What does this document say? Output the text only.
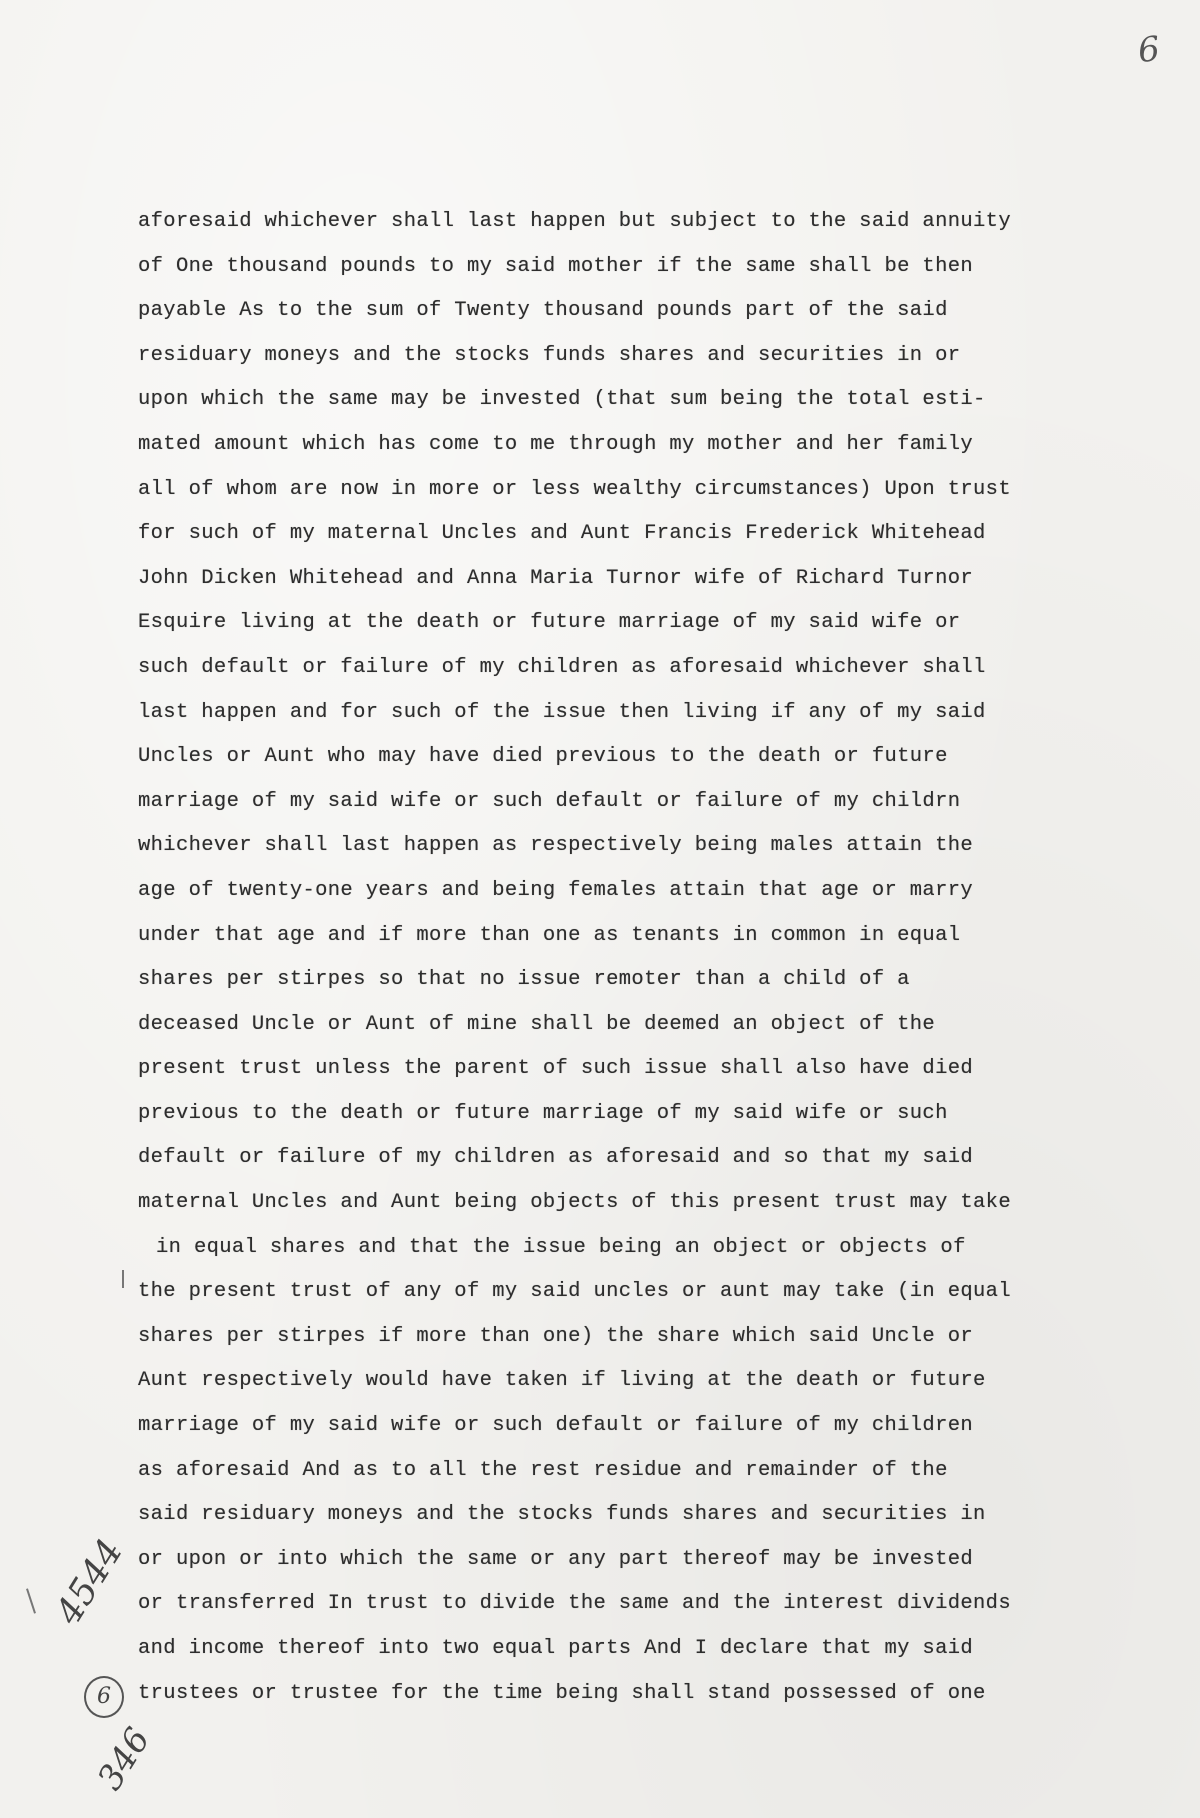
6
aforesaid whichever shall last happen but subject to the said annuity
of One thousand pounds to my said mother if the same shall be then
payable As to the sum of Twenty thousand pounds part of the said
residuary moneys and the stocks funds shares and securities in or
upon which the same may be invested (that sum being the total esti-
mated amount which has come to me through my mother and her family
all of whom are now in more or less wealthy circumstances) Upon trust
for such of my maternal Uncles and Aunt Francis Frederick Whitehead
John Dicken Whitehead and Anna Maria Turnor wife of Richard Turnor
Esquire living at the death or future marriage of my said wife or
such default or failure of my children as aforesaid whichever shall
last happen and for such of the issue then living if any of my said
Uncles or Aunt who may have died previous to the death or future
marriage of my said wife or such default or failure of my childrn
whichever shall last happen as respectively being males attain the
age of twenty-one years and being females attain that age or marry
under that age and if more than one as tenants in common in equal
shares per stirpes so that no issue remoter than a child of a
deceased Uncle or Aunt of mine shall be deemed an object of the
present trust unless the parent of such issue shall also have died
previous to the death or future marriage of my said wife or such
default or failure of my children as aforesaid and so that my said
maternal Uncles and Aunt being objects of this present trust may take
in equal shares and that the issue being an object or objects of
the present trust of any of my said uncles or aunt may take (in equal
shares per stirpes if more than one) the share which said Uncle or
Aunt respectively would have taken if living at the death or future
marriage of my said wife or such default or failure of my children
as aforesaid And as to all the rest residue and remainder of the
said residuary moneys and the stocks funds shares and securities in
or upon or into which the same or any part thereof may be invested
or transferred In trust to divide the same and the interest dividends
and income thereof into two equal parts And I declare that my said
trustees or trustee for the time being shall stand possessed of one
4544
6
346
